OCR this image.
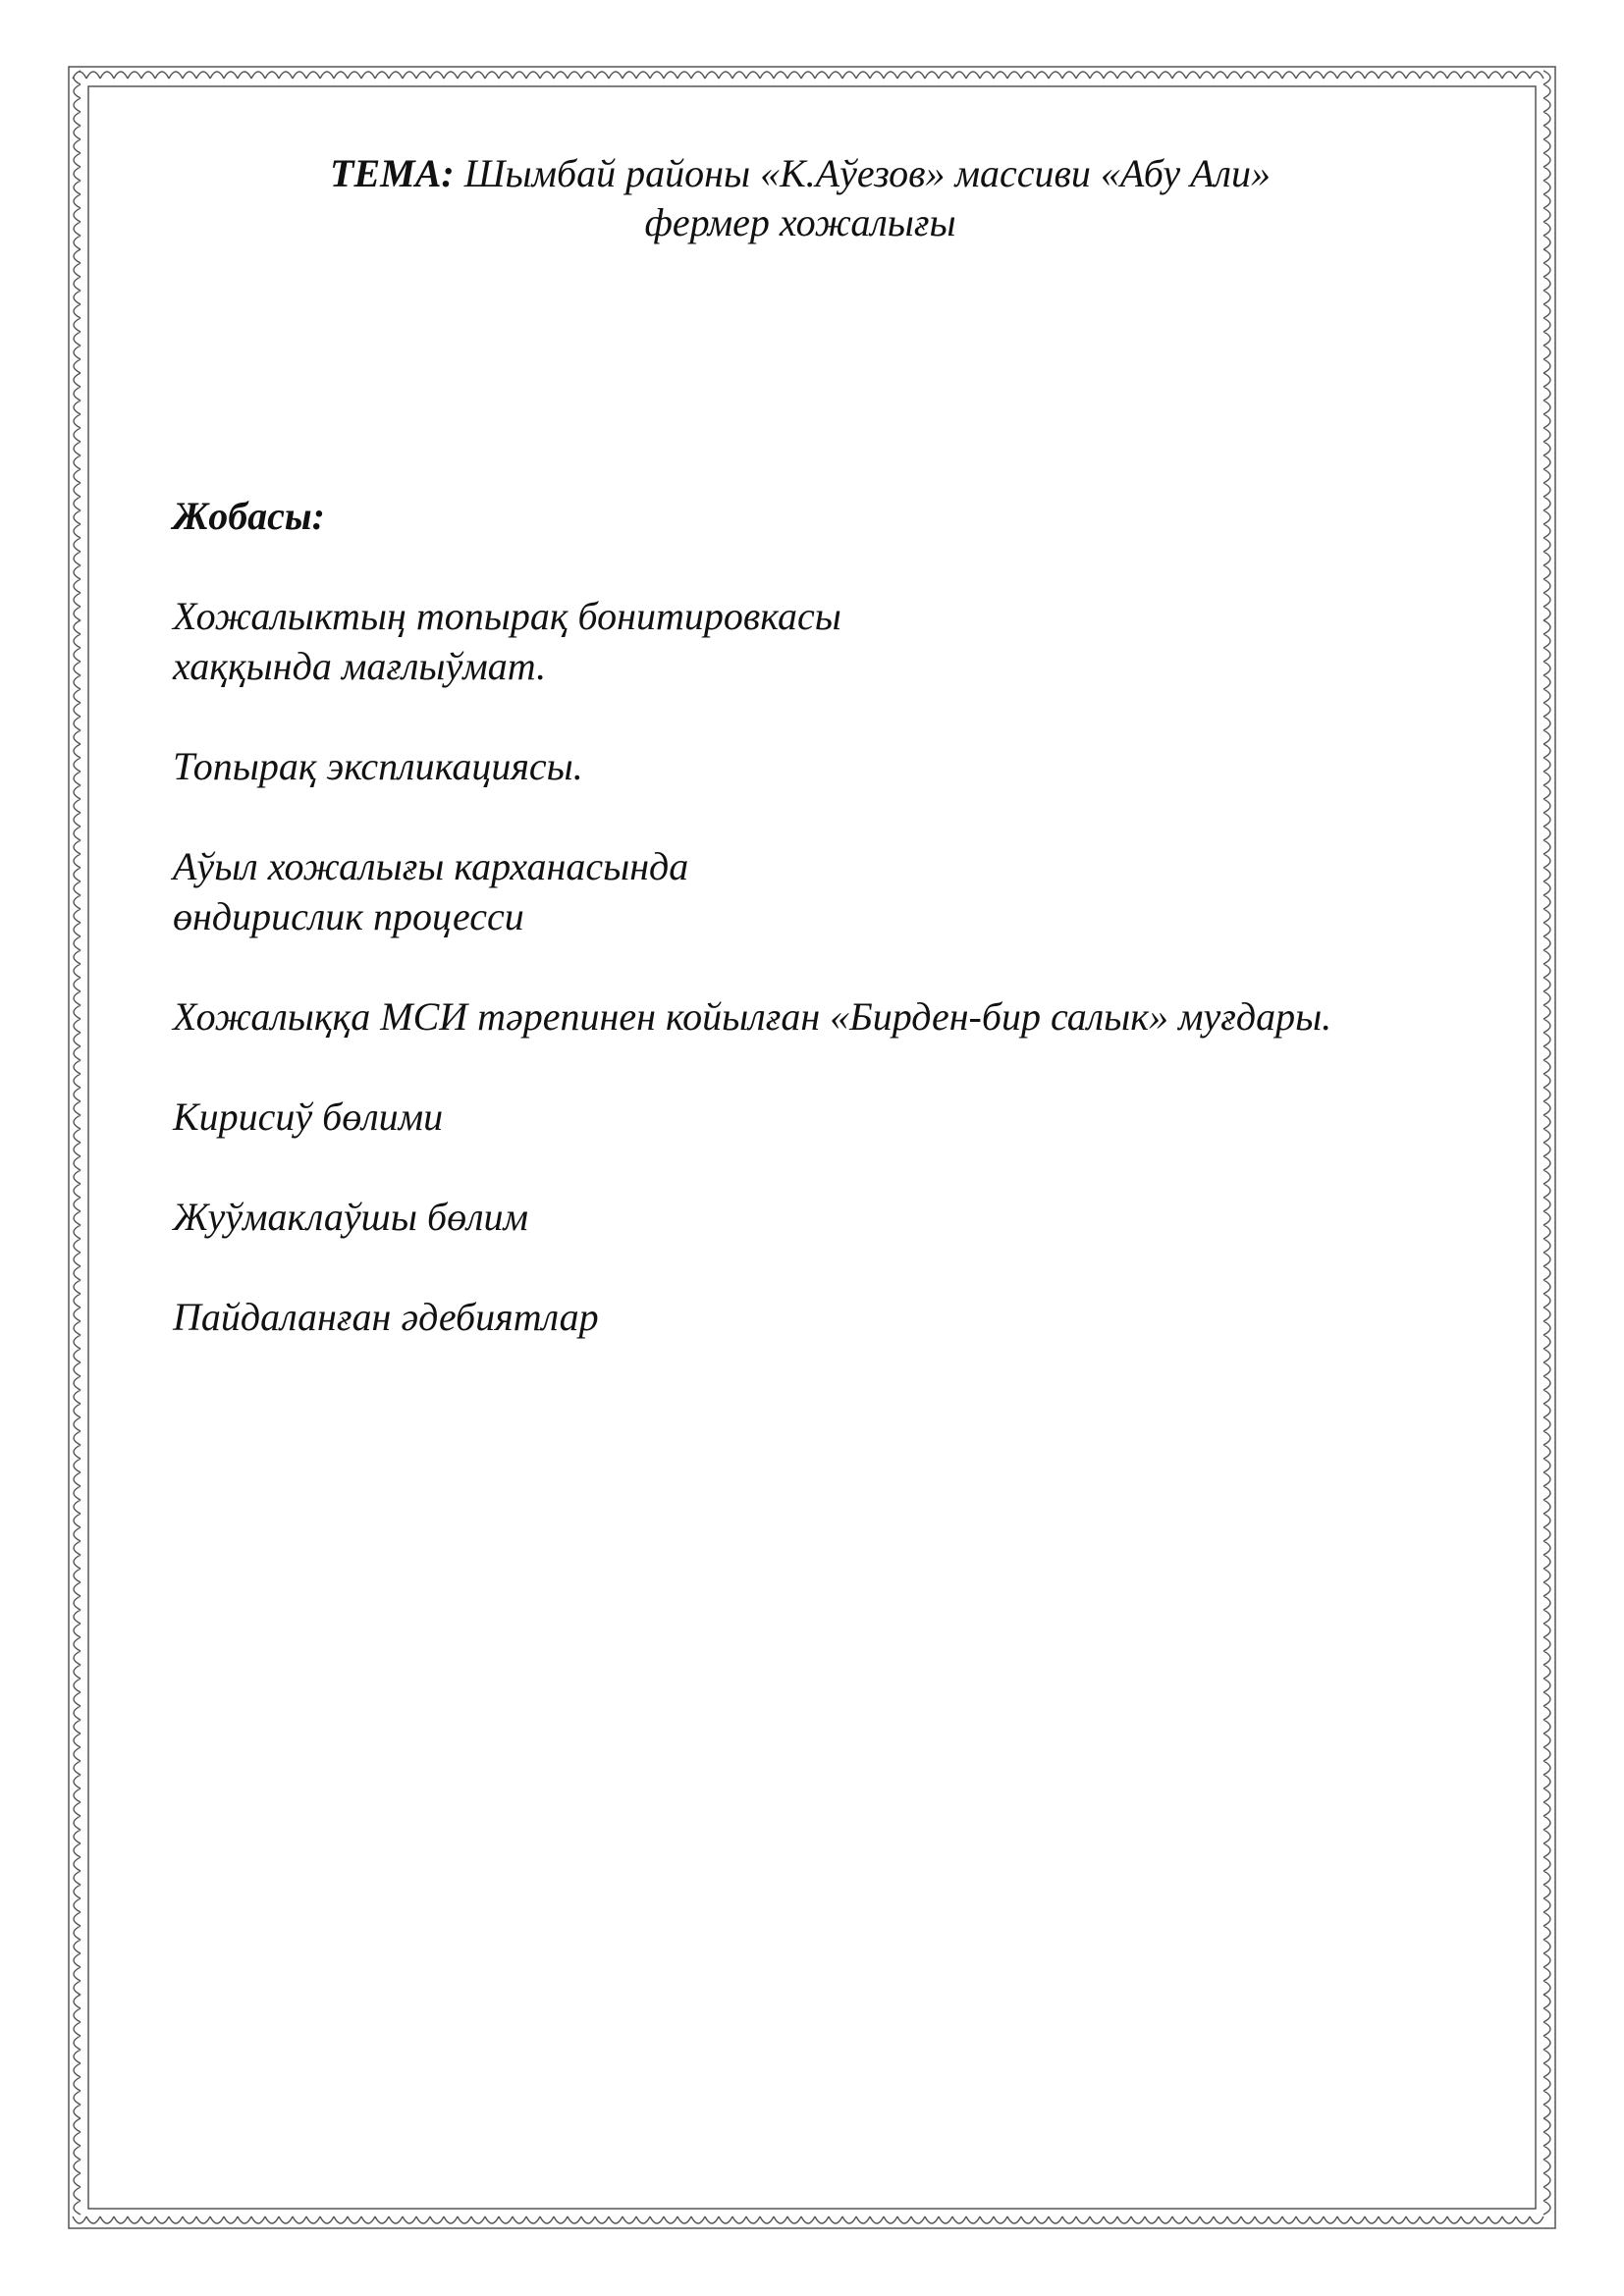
ТЕМА: Шымбай районы «К.Аўезов» массиви «Абу Али»
фермер хожалығы

Жобасы:

Хожалыктың топырақ бонитировкасы
хаққында мағлыўмат.
Топырақ экспликациясы.
Аўыл хожалығы карханасында
өндирислик процесси
Хожалыққа МСИ тәрепинен койылған «Бирден-бир салык» муғдары.
Кирисиў бөлими
Жуўмаклаўшы бөлим
Пайдаланған әдебиятлар
